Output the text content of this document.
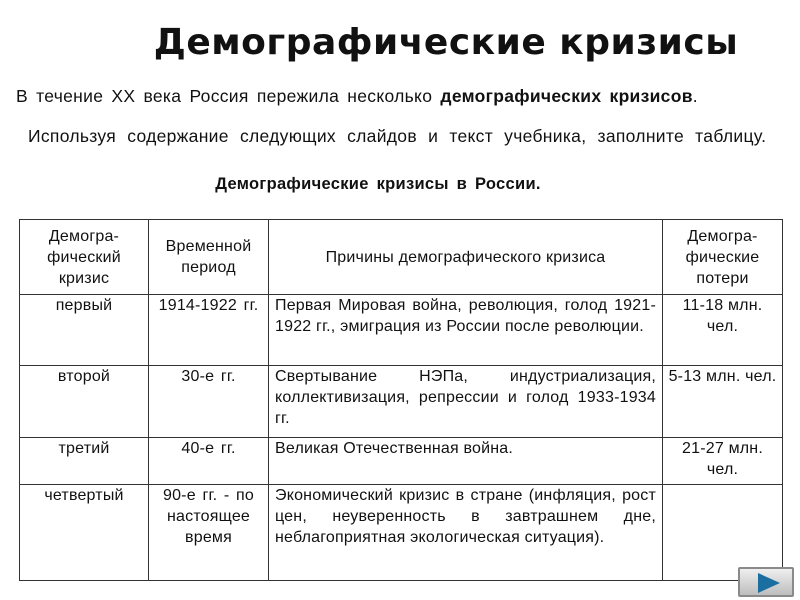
Демографические кризисы
В течение XX века Россия пережила несколько демографических кризисов.
Используя содержание следующих слайдов и текст учебника, заполните таблицу.
Демографические кризисы в России.
Демогра-фический кризис	Временной период	Причины демографического кризиса	Демогра-фические потери
первый	1914-1922 гг.	Первая Мировая война, революция, голод 1921-1922 гг., эмиграция из России после революции.	11-18 млн. чел.
второй	30-е гг.	Свертывание НЭПа, индустриализация, коллективизация, репрессии и голод 1933-1934 гг.	5-13 млн. чел.
третий	40-е гг.	Великая Отечественная война.	21-27 млн. чел.
четвертый	90-е гг. - по настоящее время	Экономический кризис в стране (инфляция, рост цен, неуверенность в завтрашнем дне, неблагоприятная экологическая ситуация).	
